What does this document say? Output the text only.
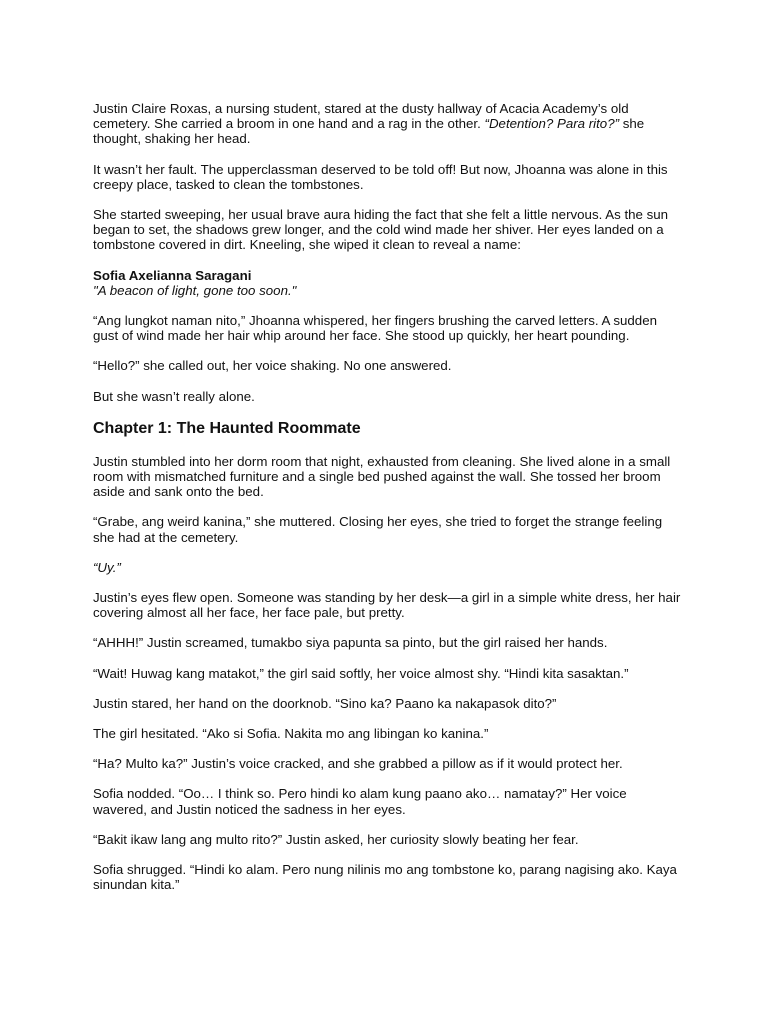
Justin Claire Roxas, a nursing student, stared at the dusty hallway of Acacia Academy’s old cemetery. She carried a broom in one hand and a rag in the other. “Detention? Para rito?” she thought, shaking her head.

It wasn’t her fault. The upperclassman deserved to be told off! But now, Jhoanna was alone in this creepy place, tasked to clean the tombstones.

She started sweeping, her usual brave aura hiding the fact that she felt a little nervous. As the sun began to set, the shadows grew longer, and the cold wind made her shiver. Her eyes landed on a tombstone covered in dirt. Kneeling, she wiped it clean to reveal a name:

Sofia Axelianna Saragani

"A beacon of light, gone too soon."

“Ang lungkot naman nito,” Jhoanna whispered, her fingers brushing the carved letters. A sudden gust of wind made her hair whip around her face. She stood up quickly, her heart pounding.

“Hello?” she called out, her voice shaking. No one answered.

But she wasn’t really alone.

Chapter 1: The Haunted Roommate

Justin stumbled into her dorm room that night, exhausted from cleaning. She lived alone in a small room with mismatched furniture and a single bed pushed against the wall. She tossed her broom aside and sank onto the bed.

“Grabe, ang weird kanina,” she muttered. Closing her eyes, she tried to forget the strange feeling she had at the cemetery.

“Uy.”

Justin’s eyes flew open. Someone was standing by her desk—a girl in a simple white dress, her hair covering almost all her face, her face pale, but pretty.

“AHHH!” Justin screamed, tumakbo siya papunta sa pinto, but the girl raised her hands.

“Wait! Huwag kang matakot,” the girl said softly, her voice almost shy. “Hindi kita sasaktan.”

Justin stared, her hand on the doorknob. “Sino ka? Paano ka nakapasok dito?”

The girl hesitated. “Ako si Sofia. Nakita mo ang libingan ko kanina.”

“Ha? Multo ka?” Justin’s voice cracked, and she grabbed a pillow as if it would protect her.

Sofia nodded. “Oo… I think so. Pero hindi ko alam kung paano ako… namatay?” Her voice wavered, and Justin noticed the sadness in her eyes.

“Bakit ikaw lang ang multo rito?” Justin asked, her curiosity slowly beating her fear.

Sofia shrugged. “Hindi ko alam. Pero nung nilinis mo ang tombstone ko, parang nagising ako. Kaya sinundan kita.”
